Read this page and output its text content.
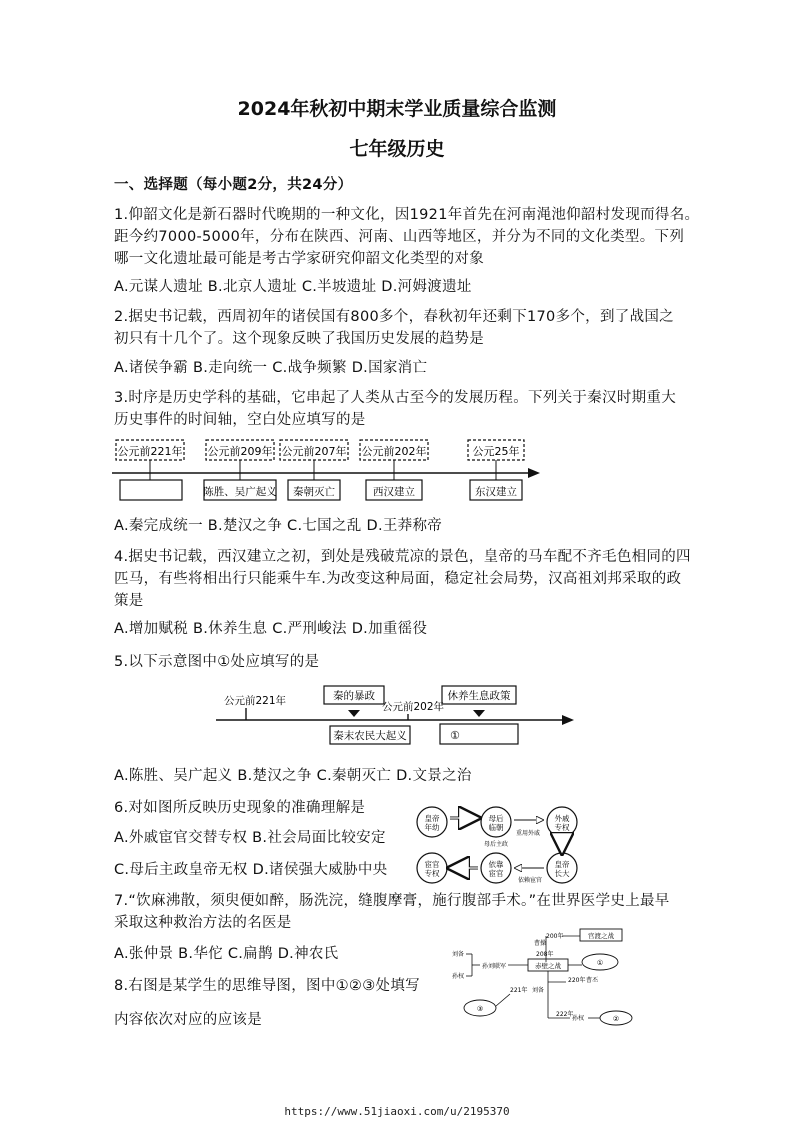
2024年秋初中期末学业质量综合监测
七年级历史
一、选择题（每小题2分，共24分）
1.仰韶文化是新石器时代晚期的一种文化，因1921年首先在河南渑池仰韶村发现而得名。
距今约7000-5000年，分布在陕西、河南、山西等地区，并分为不同的文化类型。下列
哪一文化遗址最可能是考古学家研究仰韶文化类型的对象
A.元谋人遗址 B.北京人遗址 C.半坡遗址 D.河姆渡遗址
2.据史书记载，西周初年的诸侯国有800多个，春秋初年还剩下170多个，到了战国之
初只有十几个了。这个现象反映了我国历史发展的趋势是
A.诸侯争霸 B.走向统一 C.战争频繁 D.国家消亡
3.时序是历史学科的基础，它串起了人类从古至今的发展历程。下列关于秦汉时期重大
历史事件的时间轴，空白处应填写的是
公元前221年 公元前209年 公元前207年 公元前202年	公元25年
陈胜、吴广起义 秦朝灭亡	西汉建立	东汉建立
A.秦完成统一 B.楚汉之争 C.七国之乱 D.王莽称帝
4.据史书记载，西汉建立之初，到处是残破荒凉的景色，皇帝的马车配不齐毛色相同的四
匹马，有些将相出行只能乘牛车.为改变这种局面，稳定社会局势，汉高祖刘邦采取的政
策是
A.增加赋税 B.休养生息 C.严刑峻法 D.加重徭役
5.以下示意图中①处应填写的是
公元前221年	秦的暴政
公元前202年
休养生息政策
秦末农民大起义	①
A.陈胜、吴广起义 B.楚汉之争 C.秦朝灭亡 D.文景之治
6.对如图所反映历史现象的准确理解是
A.外戚宦官交替专权 B.社会局面比较安定
C.母后主政皇帝无权 D.诸侯强大威胁中央
皇帝
年幼
母后
临朝
外戚
专权
皇帝
长大
依靠
宦官
宦官
专权
重用外戚
母后主政
依赖宦官
7.“饮麻沸散，须臾便如醉，肠洗浣，缝腹摩膏，施行腹部手术。”在世界医学史上最早
采取这种救治方法的名医是
A.张仲景 B.华佗 C.扁鹊 D.神农氏
8.右图是某学生的思维导图，图中①②③处填写
内容依次对应的应该是
200年	官渡之战
曹操
208年
刘备
孙权
孙刘联军	赤壁之战	①
220年 曹丕
221年 刘备
③
222年
孙权	②
https://www.51jiaoxi.com/u/2195370
